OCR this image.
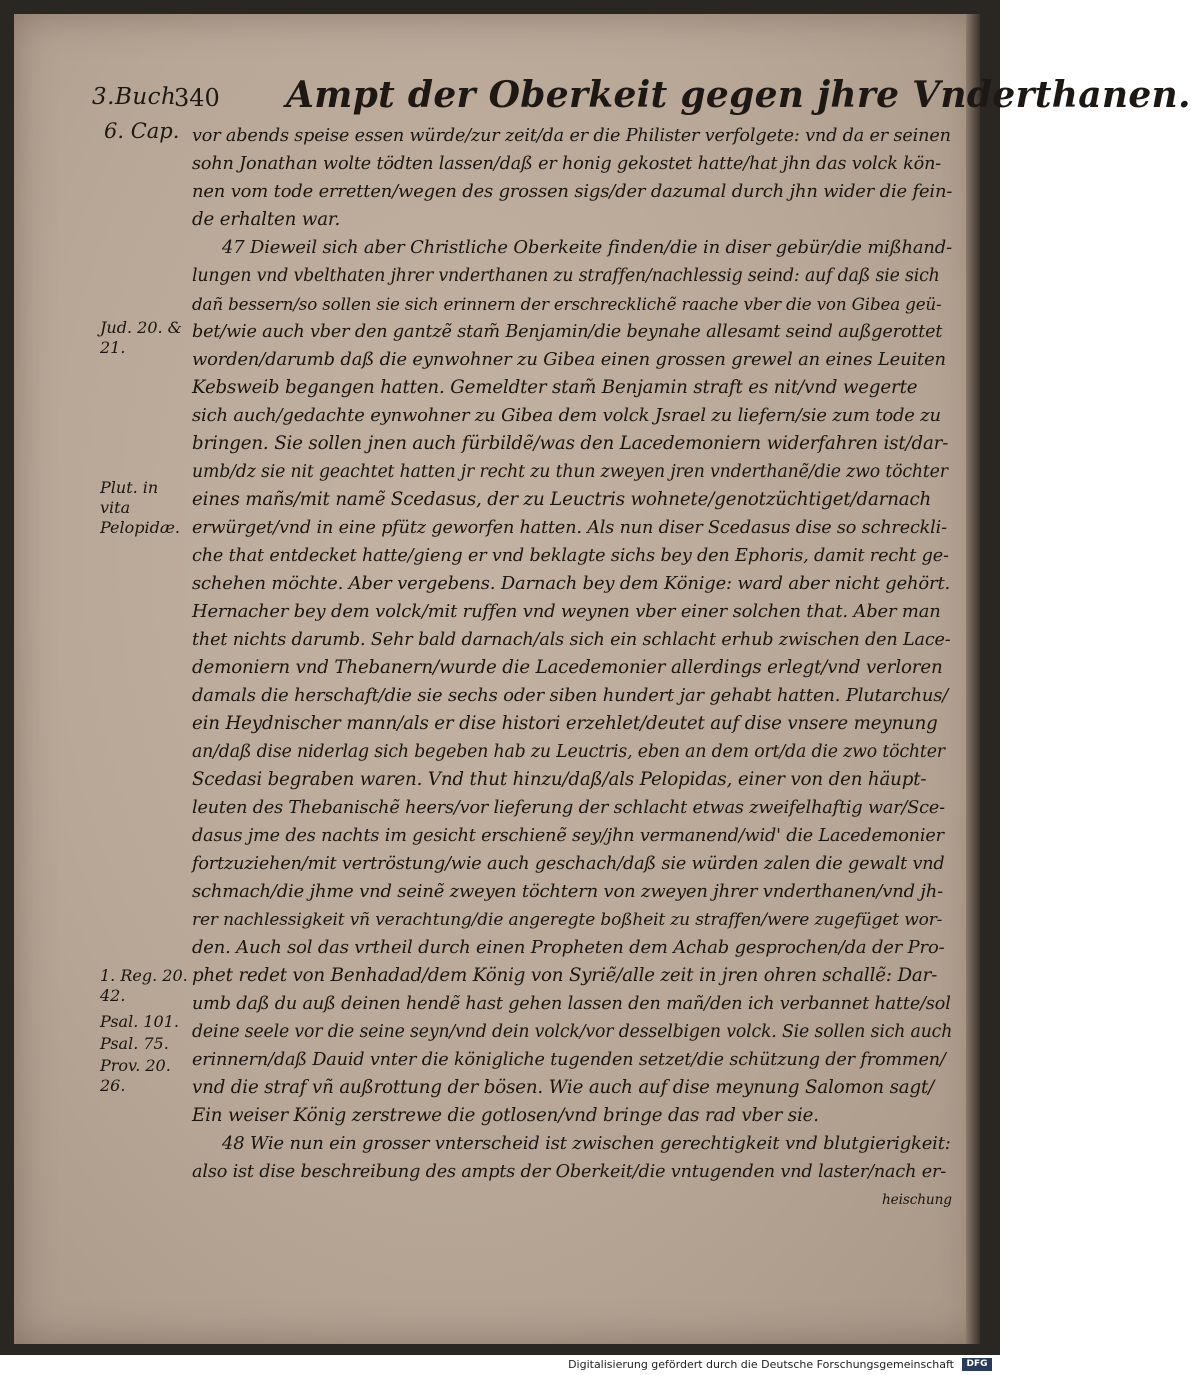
3.Buch
6. Cap.
340 Ampt der Oberkeit gegen jhre Vnderthanen.
vor abends speise essen würde/zur zeit/da er die Philister verfolgete: vnd da er seinen
sohn Jonathan wolte tödten lassen/daß er honig gekostet hatte/hat jhn das volck kön-
nen vom tode erretten/wegen des grossen sigs/der dazumal durch jhn wider die fein-
de erhalten war.
47 Dieweil sich aber Christliche Oberkeite finden/die in diser gebür/die mißhand-
lungen vnd vbelthaten jhrer vnderthanen zu straffen/nachlessig seind: auf daß sie sich
dañ bessern/so sollen sie sich erinnern der erschrecklichẽ raache vber die von Gibea geü-
bet/wie auch vber den gantzẽ stam̃ Benjamin/die beynahe allesamt seind außgerottet
worden/darumb daß die eynwohner zu Gibea einen grossen grewel an eines Leuiten
Kebsweib begangen hatten. Gemeldter stam̃ Benjamin straft es nit/vnd wegerte
sich auch/gedachte eynwohner zu Gibea dem volck Jsrael zu liefern/sie zum tode zu
bringen. Sie sollen jnen auch fürbildẽ/was den Lacedemoniern widerfahren ist/dar-
umb/dz sie nit geachtet hatten jr recht zu thun zweyen jren vnderthanẽ/die zwo töchter
eines mañs/mit namẽ Scedasus, der zu Leuctris wohnete/genotzüchtiget/darnach
erwürget/vnd in eine pfütz geworfen hatten. Als nun diser Scedasus dise so schreckli-
che that entdecket hatte/gieng er vnd beklagte sichs bey den Ephoris, damit recht ge-
schehen möchte. Aber vergebens. Darnach bey dem Könige: ward aber nicht gehört.
Hernacher bey dem volck/mit ruffen vnd weynen vber einer solchen that. Aber man
thet nichts darumb. Sehr bald darnach/als sich ein schlacht erhub zwischen den Lace-
demoniern vnd Thebanern/wurde die Lacedemonier allerdings erlegt/vnd verloren
damals die herschaft/die sie sechs oder siben hundert jar gehabt hatten. Plutarchus/
ein Heydnischer mann/als er dise histori erzehlet/deutet auf dise vnsere meynung
an/daß dise niderlag sich begeben hab zu Leuctris, eben an dem ort/da die zwo töchter
Scedasi begraben waren. Vnd thut hinzu/daß/als Pelopidas, einer von den häupt-
leuten des Thebanischẽ heers/vor lieferung der schlacht etwas zweifelhaftig war/Sce-
dasus jme des nachts im gesicht erschienẽ sey/jhn vermanend/wid' die Lacedemonier
fortzuziehen/mit vertröstung/wie auch geschach/daß sie würden zalen die gewalt vnd
schmach/die jhme vnd seinẽ zweyen töchtern von zweyen jhrer vnderthanen/vnd jh-
rer nachlessigkeit vñ verachtung/die angeregte boßheit zu straffen/were zugefüget wor-
den. Auch sol das vrtheil durch einen Propheten dem Achab gesprochen/da der Pro-
phet redet von Benhadad/dem König von Syriẽ/alle zeit in jren ohren schallẽ: Dar-
umb daß du auß deinen hendẽ hast gehen lassen den mañ/den ich verbannet hatte/sol
deine seele vor die seine seyn/vnd dein volck/vor desselbigen volck. Sie sollen sich auch
erinnern/daß Dauid vnter die königliche tugenden setzet/die schützung der frommen/
vnd die straf vñ außrottung der bösen. Wie auch auf dise meynung Salomon sagt/
Ein weiser König zerstrewe die gotlosen/vnd bringe das rad vber sie.
48 Wie nun ein grosser vnterscheid ist zwischen gerechtigkeit vnd blutgierigkeit:
also ist dise beschreibung des ampts der Oberkeit/die vntugenden vnd laster/nach er-
heischung
Jud. 20. & 21.
Plut. in vita Pelopidæ.
1. Reg. 20. 42.
Psal. 101.
Psal. 75.
Prov. 20. 26.
Digitalisierung gefördert durch die Deutsche Forschungsgemeinschaft	DFG
